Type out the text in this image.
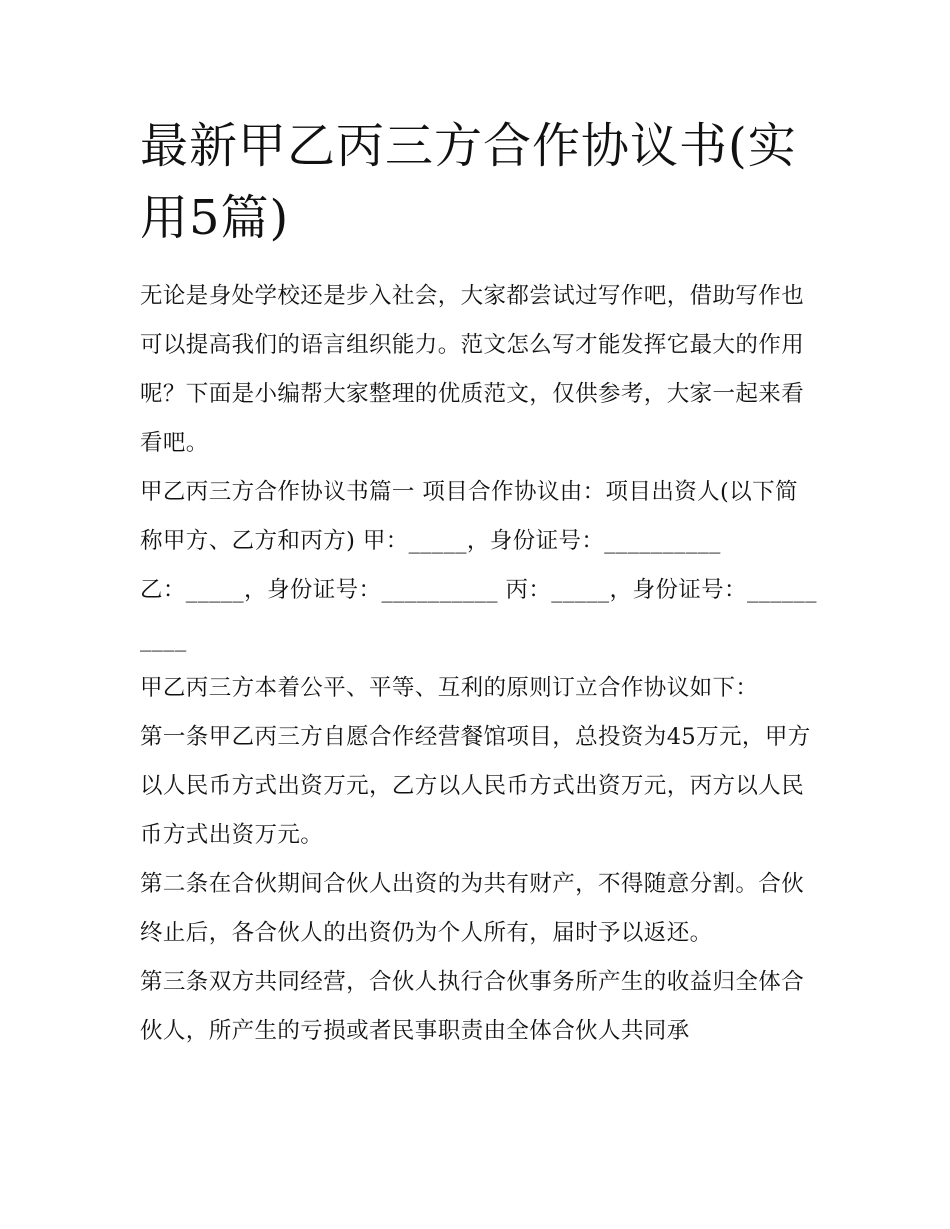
最新甲乙丙三方合作协议书(实用5篇)

无论是身处学校还是步入社会，大家都尝试过写作吧，借助写作也可以提高我们的语言组织能力。范文怎么写才能发挥它最大的作用呢？下面是小编帮大家整理的优质范文，仅供参考，大家一起来看看吧。

甲乙丙三方合作协议书篇一 项目合作协议由：项目出资人(以下简称甲方、乙方和丙方) 甲：_____，身份证号：__________

乙：_____，身份证号：__________ 丙：_____，身份证号：__________

甲乙丙三方本着公平、平等、互利的原则订立合作协议如下：

第一条甲乙丙三方自愿合作经营餐馆项目，总投资为45万元，甲方以人民币方式出资万元，乙方以人民币方式出资万元，丙方以人民币方式出资万元。

第二条在合伙期间合伙人出资的为共有财产，不得随意分割。合伙终止后，各合伙人的出资仍为个人所有，届时予以返还。

第三条双方共同经营，合伙人执行合伙事务所产生的收益归全体合伙人，所产生的亏损或者民事职责由全体合伙人共同承
